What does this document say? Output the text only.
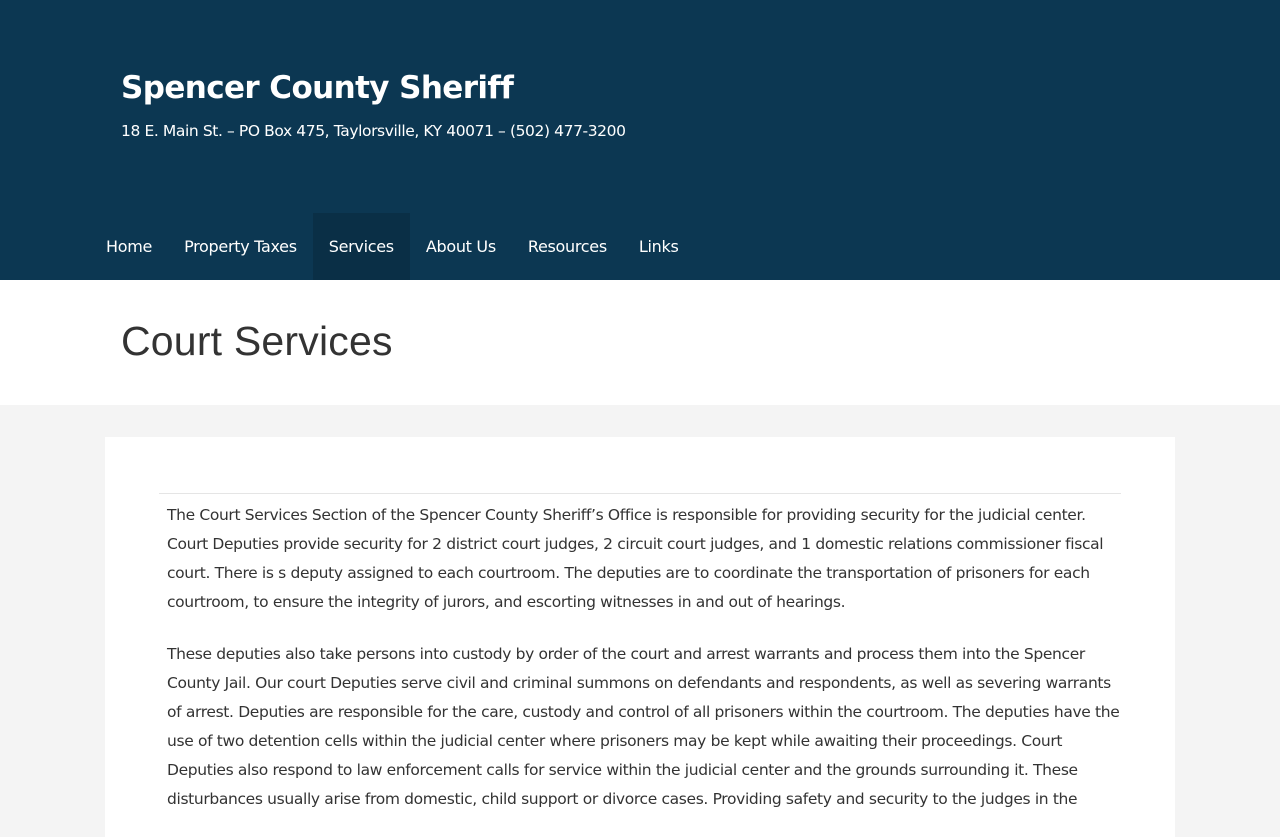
Spencer County Sheriff
18 E. Main St. – PO Box 475, Taylorsville, KY 40071 – (502) 477-3200
Home	Property Taxes	Services	About Us	Resources	Links
Court Services

The Court Services Section of the Spencer County Sheriff’s Office is responsible for providing security for the judicial center. Court Deputies provide security for 2 district court judges, 2 circuit court judges, and 1 domestic relations commissioner fiscal court. There is s deputy assigned to each courtroom. The deputies are to coordinate the transportation of prisoners for each courtroom, to ensure the integrity of jurors, and escorting witnesses in and out of hearings.

These deputies also take persons into custody by order of the court and arrest warrants and process them into the Spencer County Jail. Our court Deputies serve civil and criminal summons on defendants and respondents, as well as severing warrants of arrest. Deputies are responsible for the care, custody and control of all prisoners within the courtroom. The deputies have the use of two detention cells within the judicial center where prisoners may be kept while awaiting their proceedings. Court Deputies also respond to law enforcement calls for service within the judicial center and the grounds surrounding it. These disturbances usually arise from domestic, child support or divorce cases. Providing safety and security to the judges in the
